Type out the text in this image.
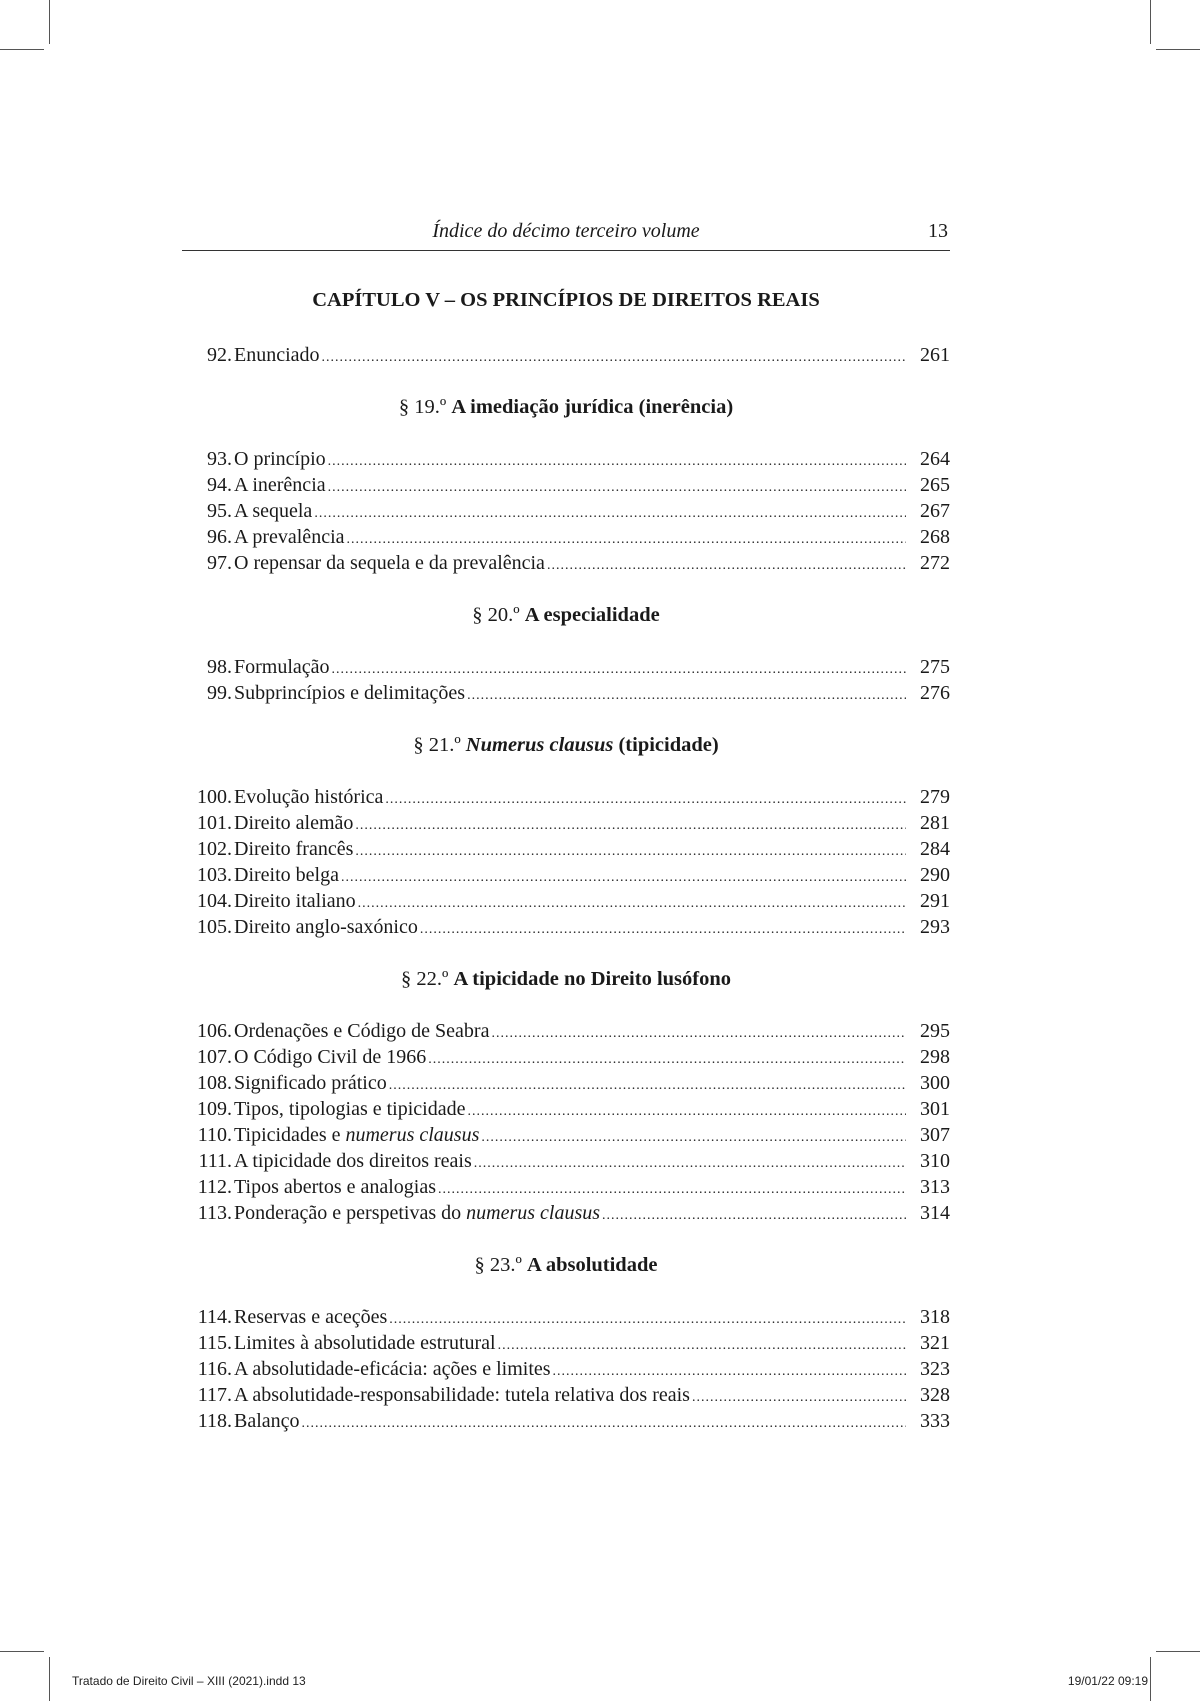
Índice do décimo terceiro volume	13
CAPÍTULO V – OS PRINCÍPIOS DE DIREITOS REAIS
92. Enunciado .....	261
§ 19.º A imediação jurídica (inerência)
93. O princípio .....	264
94. A inerência .....	265
95. A sequela .....	267
96. A prevalência .....	268
97. O repensar da sequela e da prevalência .....	272
§ 20.º A especialidade
98. Formulação .....	275
99. Subprincípios e delimitações .....	276
§ 21.º Numerus clausus (tipicidade)
100. Evolução histórica .....	279
101. Direito alemão .....	281
102. Direito francês .....	284
103. Direito belga .....	290
104. Direito italiano .....	291
105. Direito anglo-saxónico .....	293
§ 22.º A tipicidade no Direito lusófono
106. Ordenações e Código de Seabra .....	295
107. O Código Civil de 1966 .....	298
108. Significado prático .....	300
109. Tipos, tipologias e tipicidade .....	301
110. Tipicidades e numerus clausus .....	307
111. A tipicidade dos direitos reais .....	310
112. Tipos abertos e analogias .....	313
113. Ponderação e perspetivas do numerus clausus .....	314
§ 23.º A absolutidade
114. Reservas e aceções .....	318
115. Limites à absolutidade estrutural .....	321
116. A absolutidade-eficácia: ações e limites .....	323
117. A absolutidade-responsabilidade: tutela relativa dos reais .....	328
118. Balanço .....	333
Tratado de Direito Civil – XIII (2021).indd 13	19/01/22 09:19
